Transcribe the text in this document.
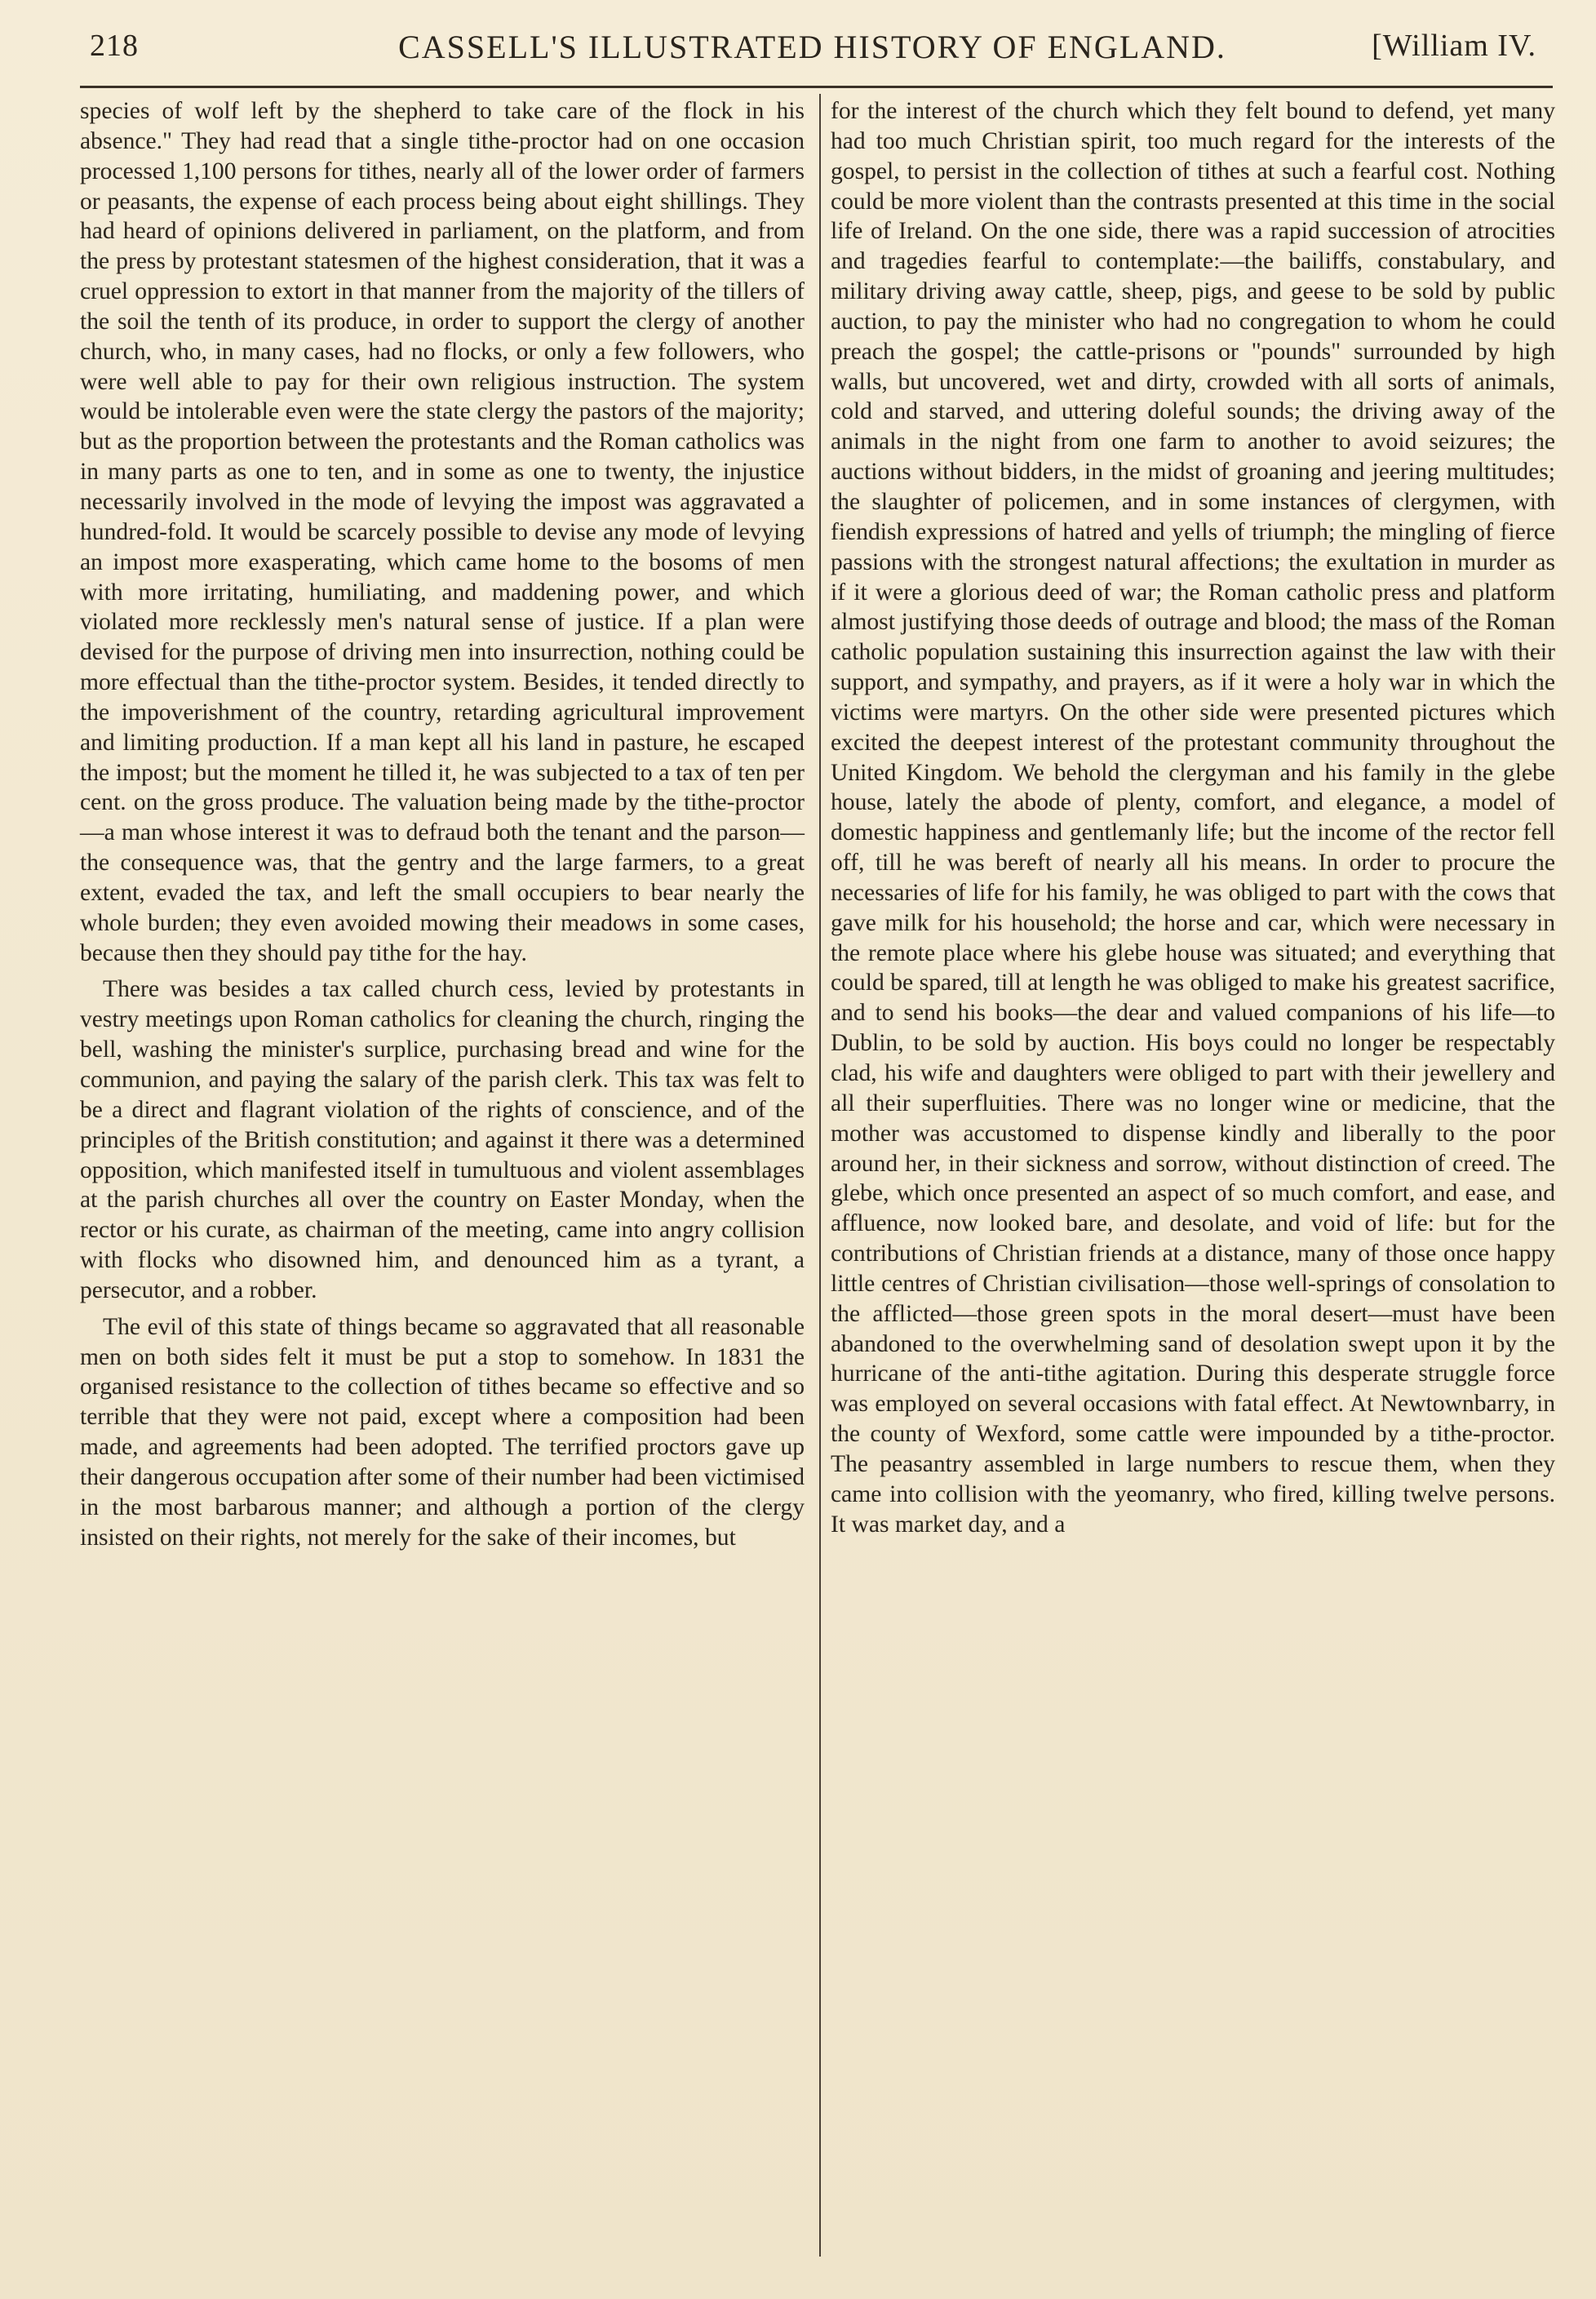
218	CASSELL'S ILLUSTRATED HISTORY OF ENGLAND.	[William IV.

species of wolf left by the shepherd to take care of the flock in his absence." They had read that a single tithe-proctor had on one occasion processed 1,100 persons for tithes, nearly all of the lower order of farmers or peasants, the expense of each process being about eight shillings. They had heard of opinions delivered in parliament, on the platform, and from the press by protestant statesmen of the highest consideration, that it was a cruel oppression to extort in that manner from the majority of the tillers of the soil the tenth of its produce, in order to support the clergy of another church, who, in many cases, had no flocks, or only a few followers, who were well able to pay for their own religious instruction. The system would be intolerable even were the state clergy the pastors of the majority; but as the proportion between the protestants and the Roman catholics was in many parts as one to ten, and in some as one to twenty, the injustice necessarily involved in the mode of levying the impost was aggravated a hundred-fold. It would be scarcely possible to devise any mode of levying an impost more exasperating, which came home to the bosoms of men with more irritating, humiliating, and maddening power, and which violated more recklessly men's natural sense of justice. If a plan were devised for the purpose of driving men into insurrection, nothing could be more effectual than the tithe-proctor system. Besides, it tended directly to the impoverishment of the country, retarding agricultural improvement and limiting production. If a man kept all his land in pasture, he escaped the impost; but the moment he tilled it, he was subjected to a tax of ten per cent. on the gross produce. The valuation being made by the tithe-proctor—a man whose interest it was to defraud both the tenant and the parson—the consequence was, that the gentry and the large farmers, to a great extent, evaded the tax, and left the small occupiers to bear nearly the whole burden; they even avoided mowing their meadows in some cases, because then they should pay tithe for the hay.

There was besides a tax called church cess, levied by protestants in vestry meetings upon Roman catholics for cleaning the church, ringing the bell, washing the minister's surplice, purchasing bread and wine for the communion, and paying the salary of the parish clerk. This tax was felt to be a direct and flagrant violation of the rights of conscience, and of the principles of the British constitution; and against it there was a determined opposition, which manifested itself in tumultuous and violent assemblages at the parish churches all over the country on Easter Monday, when the rector or his curate, as chairman of the meeting, came into angry collision with flocks who disowned him, and denounced him as a tyrant, a persecutor, and a robber.

The evil of this state of things became so aggravated that all reasonable men on both sides felt it must be put a stop to somehow. In 1831 the organised resistance to the collection of tithes became so effective and so terrible that they were not paid, except where a composition had been made, and agreements had been adopted. The terrified proctors gave up their dangerous occupation after some of their number had been victimised in the most barbarous manner; and although a portion of the clergy insisted on their rights, not merely for the sake of their incomes, but

for the interest of the church which they felt bound to defend, yet many had too much Christian spirit, too much regard for the interests of the gospel, to persist in the collection of tithes at such a fearful cost. Nothing could be more violent than the contrasts presented at this time in the social life of Ireland. On the one side, there was a rapid succession of atrocities and tragedies fearful to contemplate:—the bailiffs, constabulary, and military driving away cattle, sheep, pigs, and geese to be sold by public auction, to pay the minister who had no congregation to whom he could preach the gospel; the cattle-prisons or "pounds" surrounded by high walls, but uncovered, wet and dirty, crowded with all sorts of animals, cold and starved, and uttering doleful sounds; the driving away of the animals in the night from one farm to another to avoid seizures; the auctions without bidders, in the midst of groaning and jeering multitudes; the slaughter of policemen, and in some instances of clergymen, with fiendish expressions of hatred and yells of triumph; the mingling of fierce passions with the strongest natural affections; the exultation in murder as if it were a glorious deed of war; the Roman catholic press and platform almost justifying those deeds of outrage and blood; the mass of the Roman catholic population sustaining this insurrection against the law with their support, and sympathy, and prayers, as if it were a holy war in which the victims were martyrs. On the other side were presented pictures which excited the deepest interest of the protestant community throughout the United Kingdom. We behold the clergyman and his family in the glebe house, lately the abode of plenty, comfort, and elegance, a model of domestic happiness and gentlemanly life; but the income of the rector fell off, till he was bereft of nearly all his means. In order to procure the necessaries of life for his family, he was obliged to part with the cows that gave milk for his household; the horse and car, which were necessary in the remote place where his glebe house was situated; and everything that could be spared, till at length he was obliged to make his greatest sacrifice, and to send his books—the dear and valued companions of his life—to Dublin, to be sold by auction. His boys could no longer be respectably clad, his wife and daughters were obliged to part with their jewellery and all their superfluities. There was no longer wine or medicine, that the mother was accustomed to dispense kindly and liberally to the poor around her, in their sickness and sorrow, without distinction of creed. The glebe, which once presented an aspect of so much comfort, and ease, and affluence, now looked bare, and desolate, and void of life: but for the contributions of Christian friends at a distance, many of those once happy little centres of Christian civilisation—those well-springs of consolation to the afflicted—those green spots in the moral desert—must have been abandoned to the overwhelming sand of desolation swept upon it by the hurricane of the anti-tithe agitation. During this desperate struggle force was employed on several occasions with fatal effect. At Newtownbarry, in the county of Wexford, some cattle were impounded by a tithe-proctor. The peasantry assembled in large numbers to rescue them, when they came into collision with the yeomanry, who fired, killing twelve persons. It was market day, and a
